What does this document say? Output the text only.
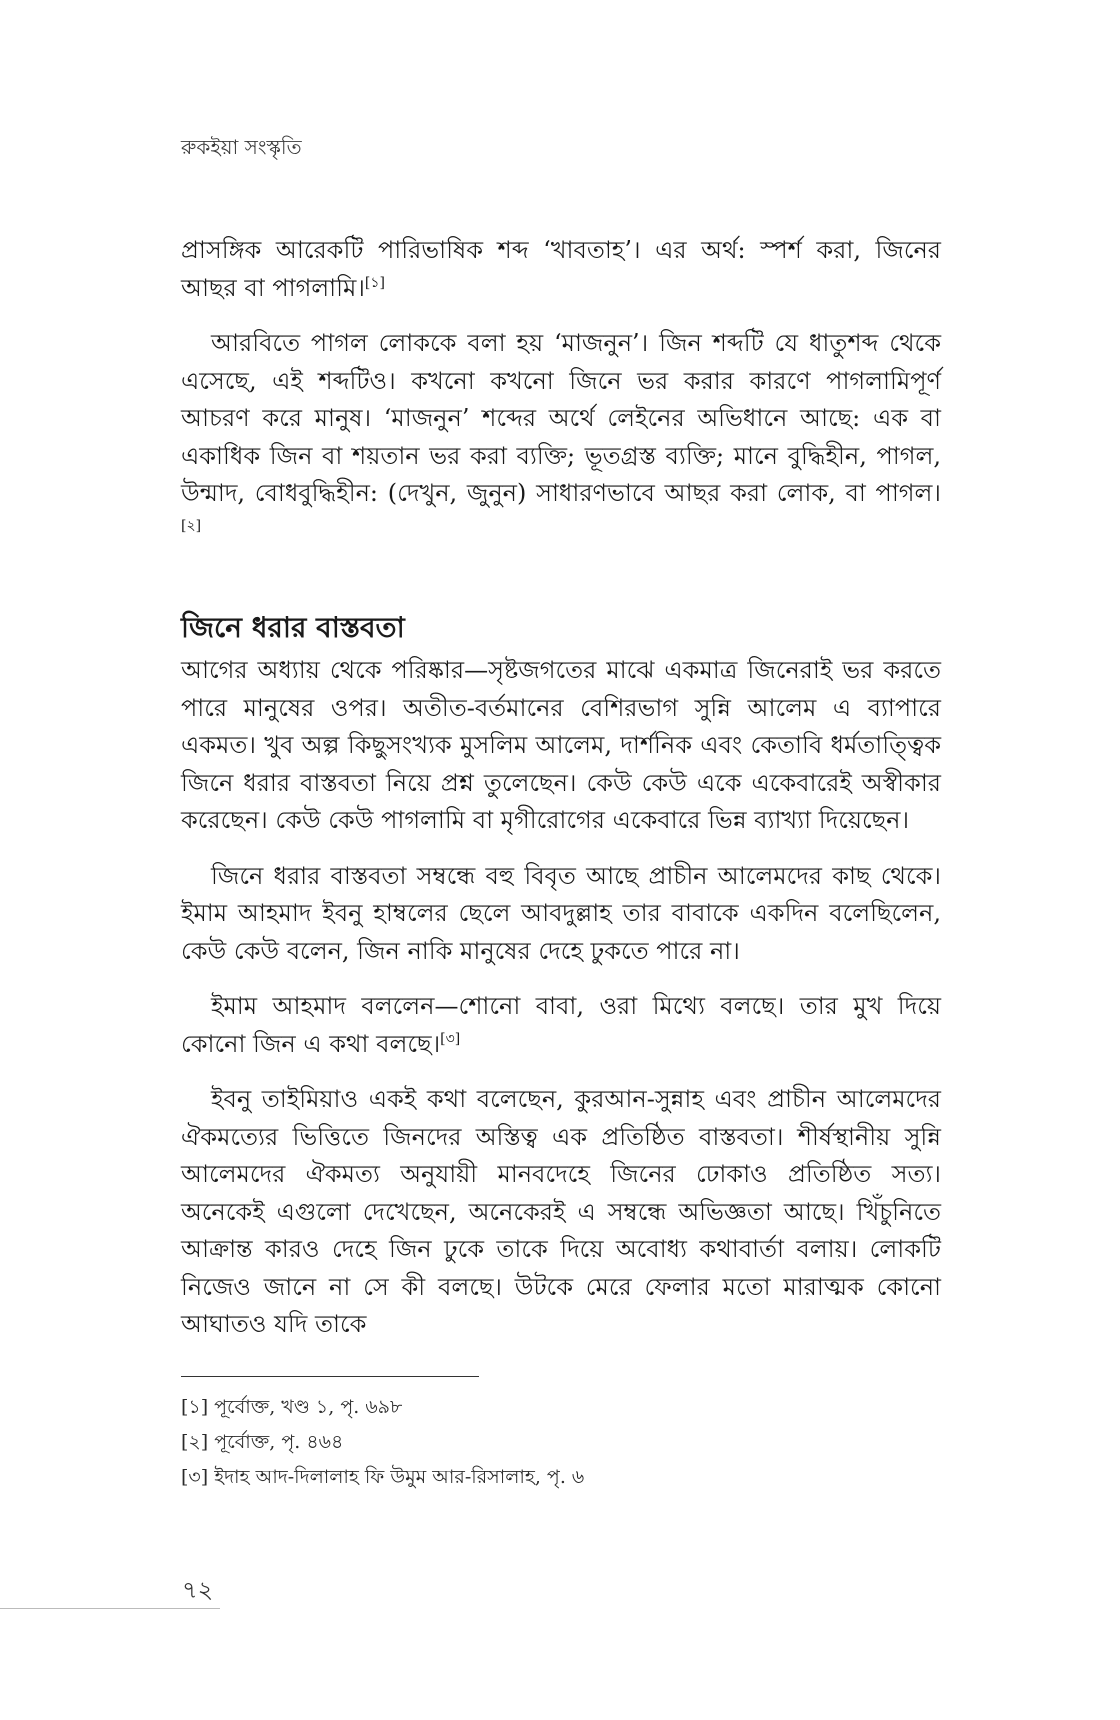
রুকইয়া সংস্কৃতি

প্রাসঙ্গিক আরেকটি পারিভাষিক শব্দ ‘খাবতাহ’। এর অর্থ: স্পর্শ করা, জিনের আছর বা পাগলামি।[১]

আরবিতে পাগল লোককে বলা হয় ‘মাজনুন’। জিন শব্দটি যে ধাতুশব্দ থেকে এসেছে, এই শব্দটিও। কখনো কখনো জিনে ভর করার কারণে পাগলামিপূর্ণ আচরণ করে মানুষ। ‘মাজনুন’ শব্দের অর্থে লেইনের অভিধানে আছে: এক বা একাধিক জিন বা শয়তান ভর করা ব্যক্তি; ভূতগ্রস্ত ব্যক্তি; মানে বুদ্ধিহীন, পাগল, উন্মাদ, বোধবুদ্ধিহীন: (দেখুন, জুনুন) সাধারণভাবে আছর করা লোক, বা পাগল।[২]

জিনে ধরার বাস্তবতা

আগের অধ্যায় থেকে পরিষ্কার—সৃষ্টজগতের মাঝে একমাত্র জিনেরাই ভর করতে পারে মানুষের ওপর। অতীত-বর্তমানের বেশিরভাগ সুন্নি আলেম এ ব্যাপারে একমত। খুব অল্প কিছুসংখ্যক মুসলিম আলেম, দার্শনিক এবং কেতাবি ধর্মতাত্ত্বিক জিনে ধরার বাস্তবতা নিয়ে প্রশ্ন তুলেছেন। কেউ কেউ একে একেবারেই অস্বীকার করেছেন। কেউ কেউ পাগলামি বা মৃগীরোগের একেবারে ভিন্ন ব্যাখ্যা দিয়েছেন।

জিনে ধরার বাস্তবতা সম্বন্ধে বহু বিবৃত আছে প্রাচীন আলেমদের কাছ থেকে। ইমাম আহমাদ ইবনু হাম্বলের ছেলে আবদুল্লাহ তার বাবাকে একদিন বলেছিলেন, কেউ কেউ বলেন, জিন নাকি মানুষের দেহে ঢুকতে পারে না।

ইমাম আহমাদ বললেন—শোনো বাবা, ওরা মিথ্যে বলছে। তার মুখ দিয়ে কোনো জিন এ কথা বলছে।[৩]

ইবনু তাইমিয়াও একই কথা বলেছেন, কুরআন-সুন্নাহ এবং প্রাচীন আলেমদের ঐকমত্যের ভিত্তিতে জিনদের অস্তিত্ব এক প্রতিষ্ঠিত বাস্তবতা। শীর্ষস্থানীয় সুন্নি আলেমদের ঐকমত্য অনুযায়ী মানবদেহে জিনের ঢোকাও প্রতিষ্ঠিত সত্য। অনেকেই এগুলো দেখেছেন, অনেকেরই এ সম্বন্ধে অভিজ্ঞতা আছে। খিঁচুনিতে আক্রান্ত কারও দেহে জিন ঢুকে তাকে দিয়ে অবোধ্য কথাবার্তা বলায়। লোকটি নিজেও জানে না সে কী বলছে। উটকে মেরে ফেলার মতো মারাত্মক কোনো আঘাতও যদি তাকে

[১] পূর্বোক্ত, খণ্ড ১, পৃ. ৬৯৮
[২] পূর্বোক্ত, পৃ. ৪৬৪
[৩] ইদাহ আদ-দিলালাহ ফি উমুম আর-রিসালাহ, পৃ. ৬
৭২
